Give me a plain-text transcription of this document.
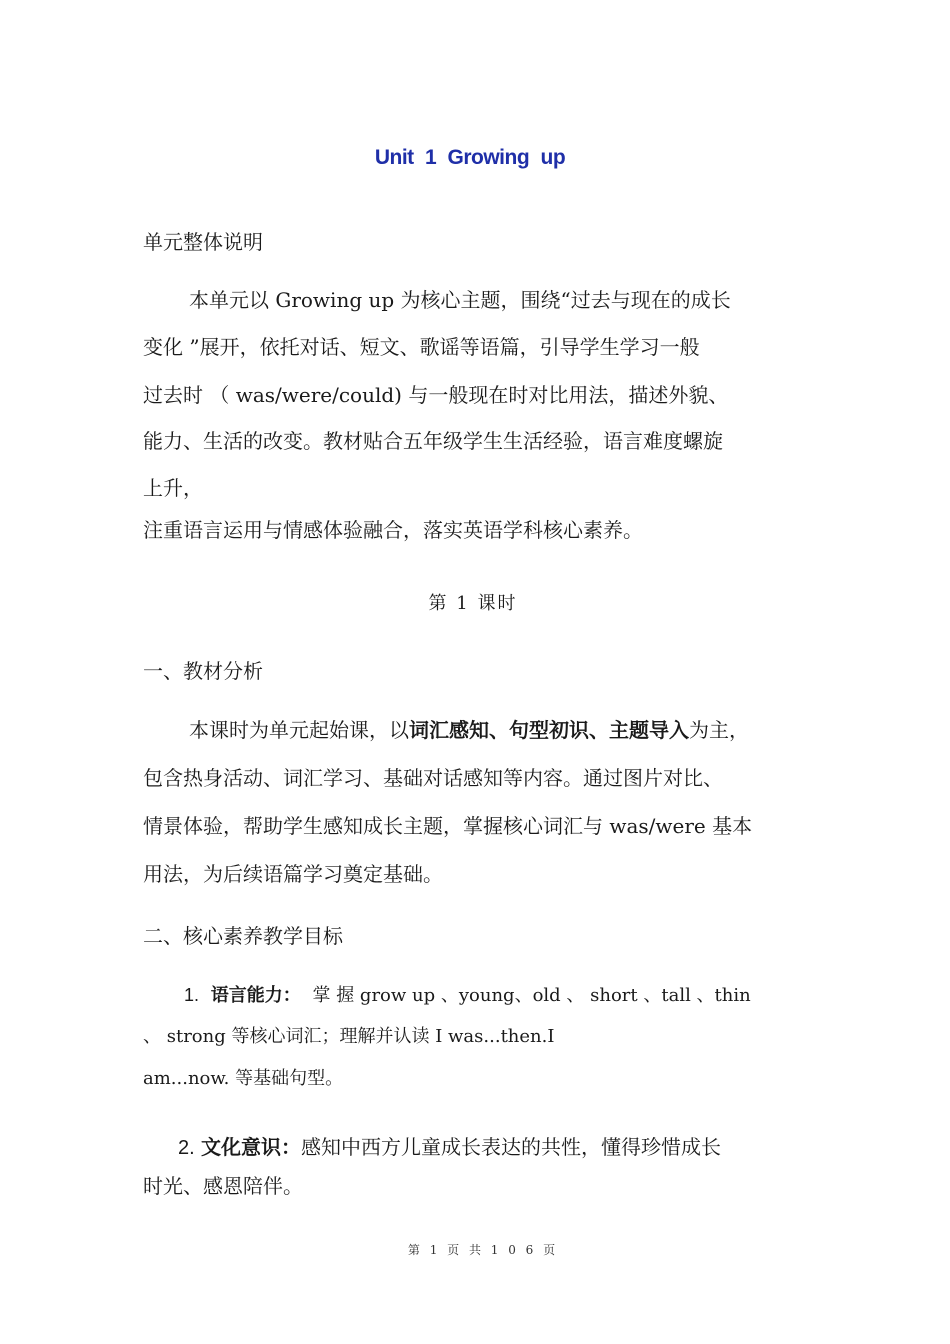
Unit 1 Growing up
单元整体说明
本单元以 Growing up 为核心主题，围绕“过去与现在的成长
变化 ”展开，依托对话、短文、歌谣等语篇，引导学生学习一般
过去时 （ was/were/could) 与一般现在时对比用法，描述外貌、
能力、生活的改变。教材贴合五年级学生生活经验，语言难度螺旋
上升，
注重语言运用与情感体验融合，落实英语学科核心素养。
第 1 课时
一、教材分析
本课时为单元起始课，以词汇感知、句型初识、主题导入为主，
包含热身活动、词汇学习、基础对话感知等内容。通过图片对比、
情景体验，帮助学生感知成长主题，掌握核心词汇与 was/were 基本
用法，为后续语篇学习奠定基础。
二、核心素养教学目标
1. 语言能力： 掌 握 grow up 、young、old 、 short 、tall 、thin
、 strong 等核心词汇；理解并认读 I was...then.I
am...now. 等基础句型。
2. 文化意识：感知中西方儿童成长表达的共性，懂得珍惜成长
时光、感恩陪伴。
第 1 页 共 1 0 6 页
